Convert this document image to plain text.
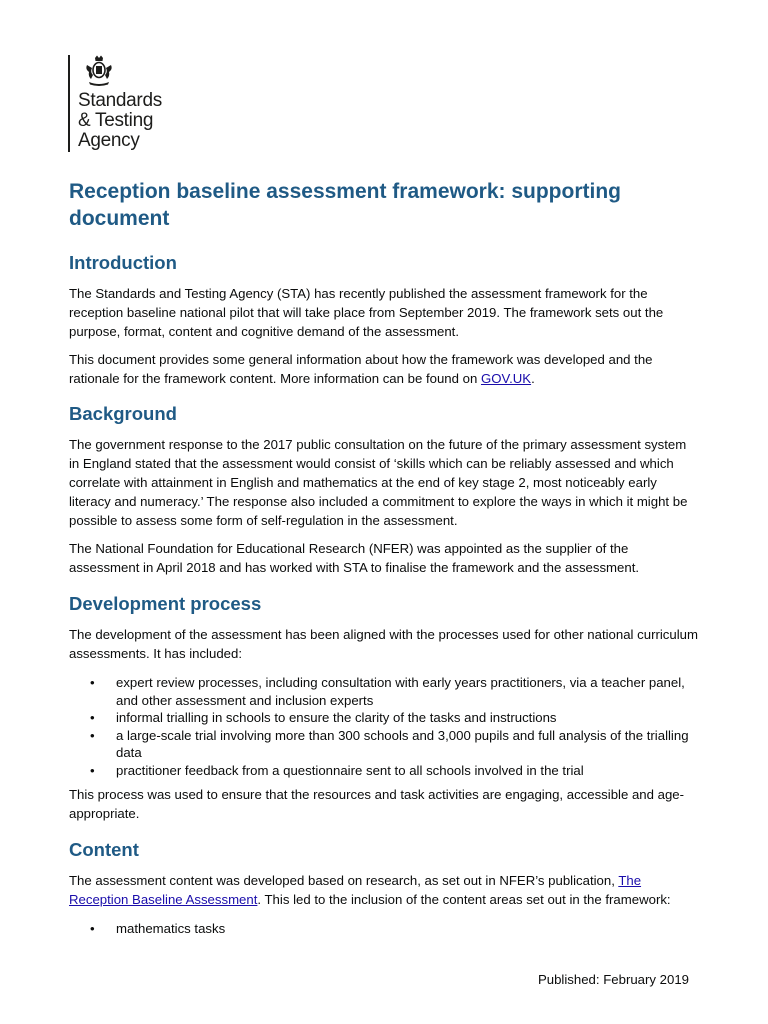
Standards
& Testing
Agency
Reception baseline assessment framework: supporting document
Introduction

The Standards and Testing Agency (STA) has recently published the assessment framework for the reception baseline national pilot that will take place from September 2019. The framework sets out the purpose, format, content and cognitive demand of the assessment.

This document provides some general information about how the framework was developed and the rationale for the framework content. More information can be found on GOV.UK.

Background

The government response to the 2017 public consultation on the future of the primary assessment system in England stated that the assessment would consist of ‘skills which can be reliably assessed and which correlate with attainment in English and mathematics at the end of key stage 2, most noticeably early literacy and numeracy.’ The response also included a commitment to explore the ways in which it might be possible to assess some form of self-regulation in the assessment.

The National Foundation for Educational Research (NFER) was appointed as the supplier of the assessment in April 2018 and has worked with STA to finalise the framework and the assessment.

Development process

The development of the assessment has been aligned with the processes used for other national curriculum assessments. It has included:

• expert review processes, including consultation with early years practitioners, via a teacher panel, and other assessment and inclusion experts
• informal trialling in schools to ensure the clarity of the tasks and instructions
• a large-scale trial involving more than 300 schools and 3,000 pupils and full analysis of the trialling data
• practitioner feedback from a questionnaire sent to all schools involved in the trial

This process was used to ensure that the resources and task activities are engaging, accessible and age-appropriate.

Content

The assessment content was developed based on research, as set out in NFER’s publication, The Reception Baseline Assessment. This led to the inclusion of the content areas set out in the framework:

• mathematics tasks
Published: February 2019
